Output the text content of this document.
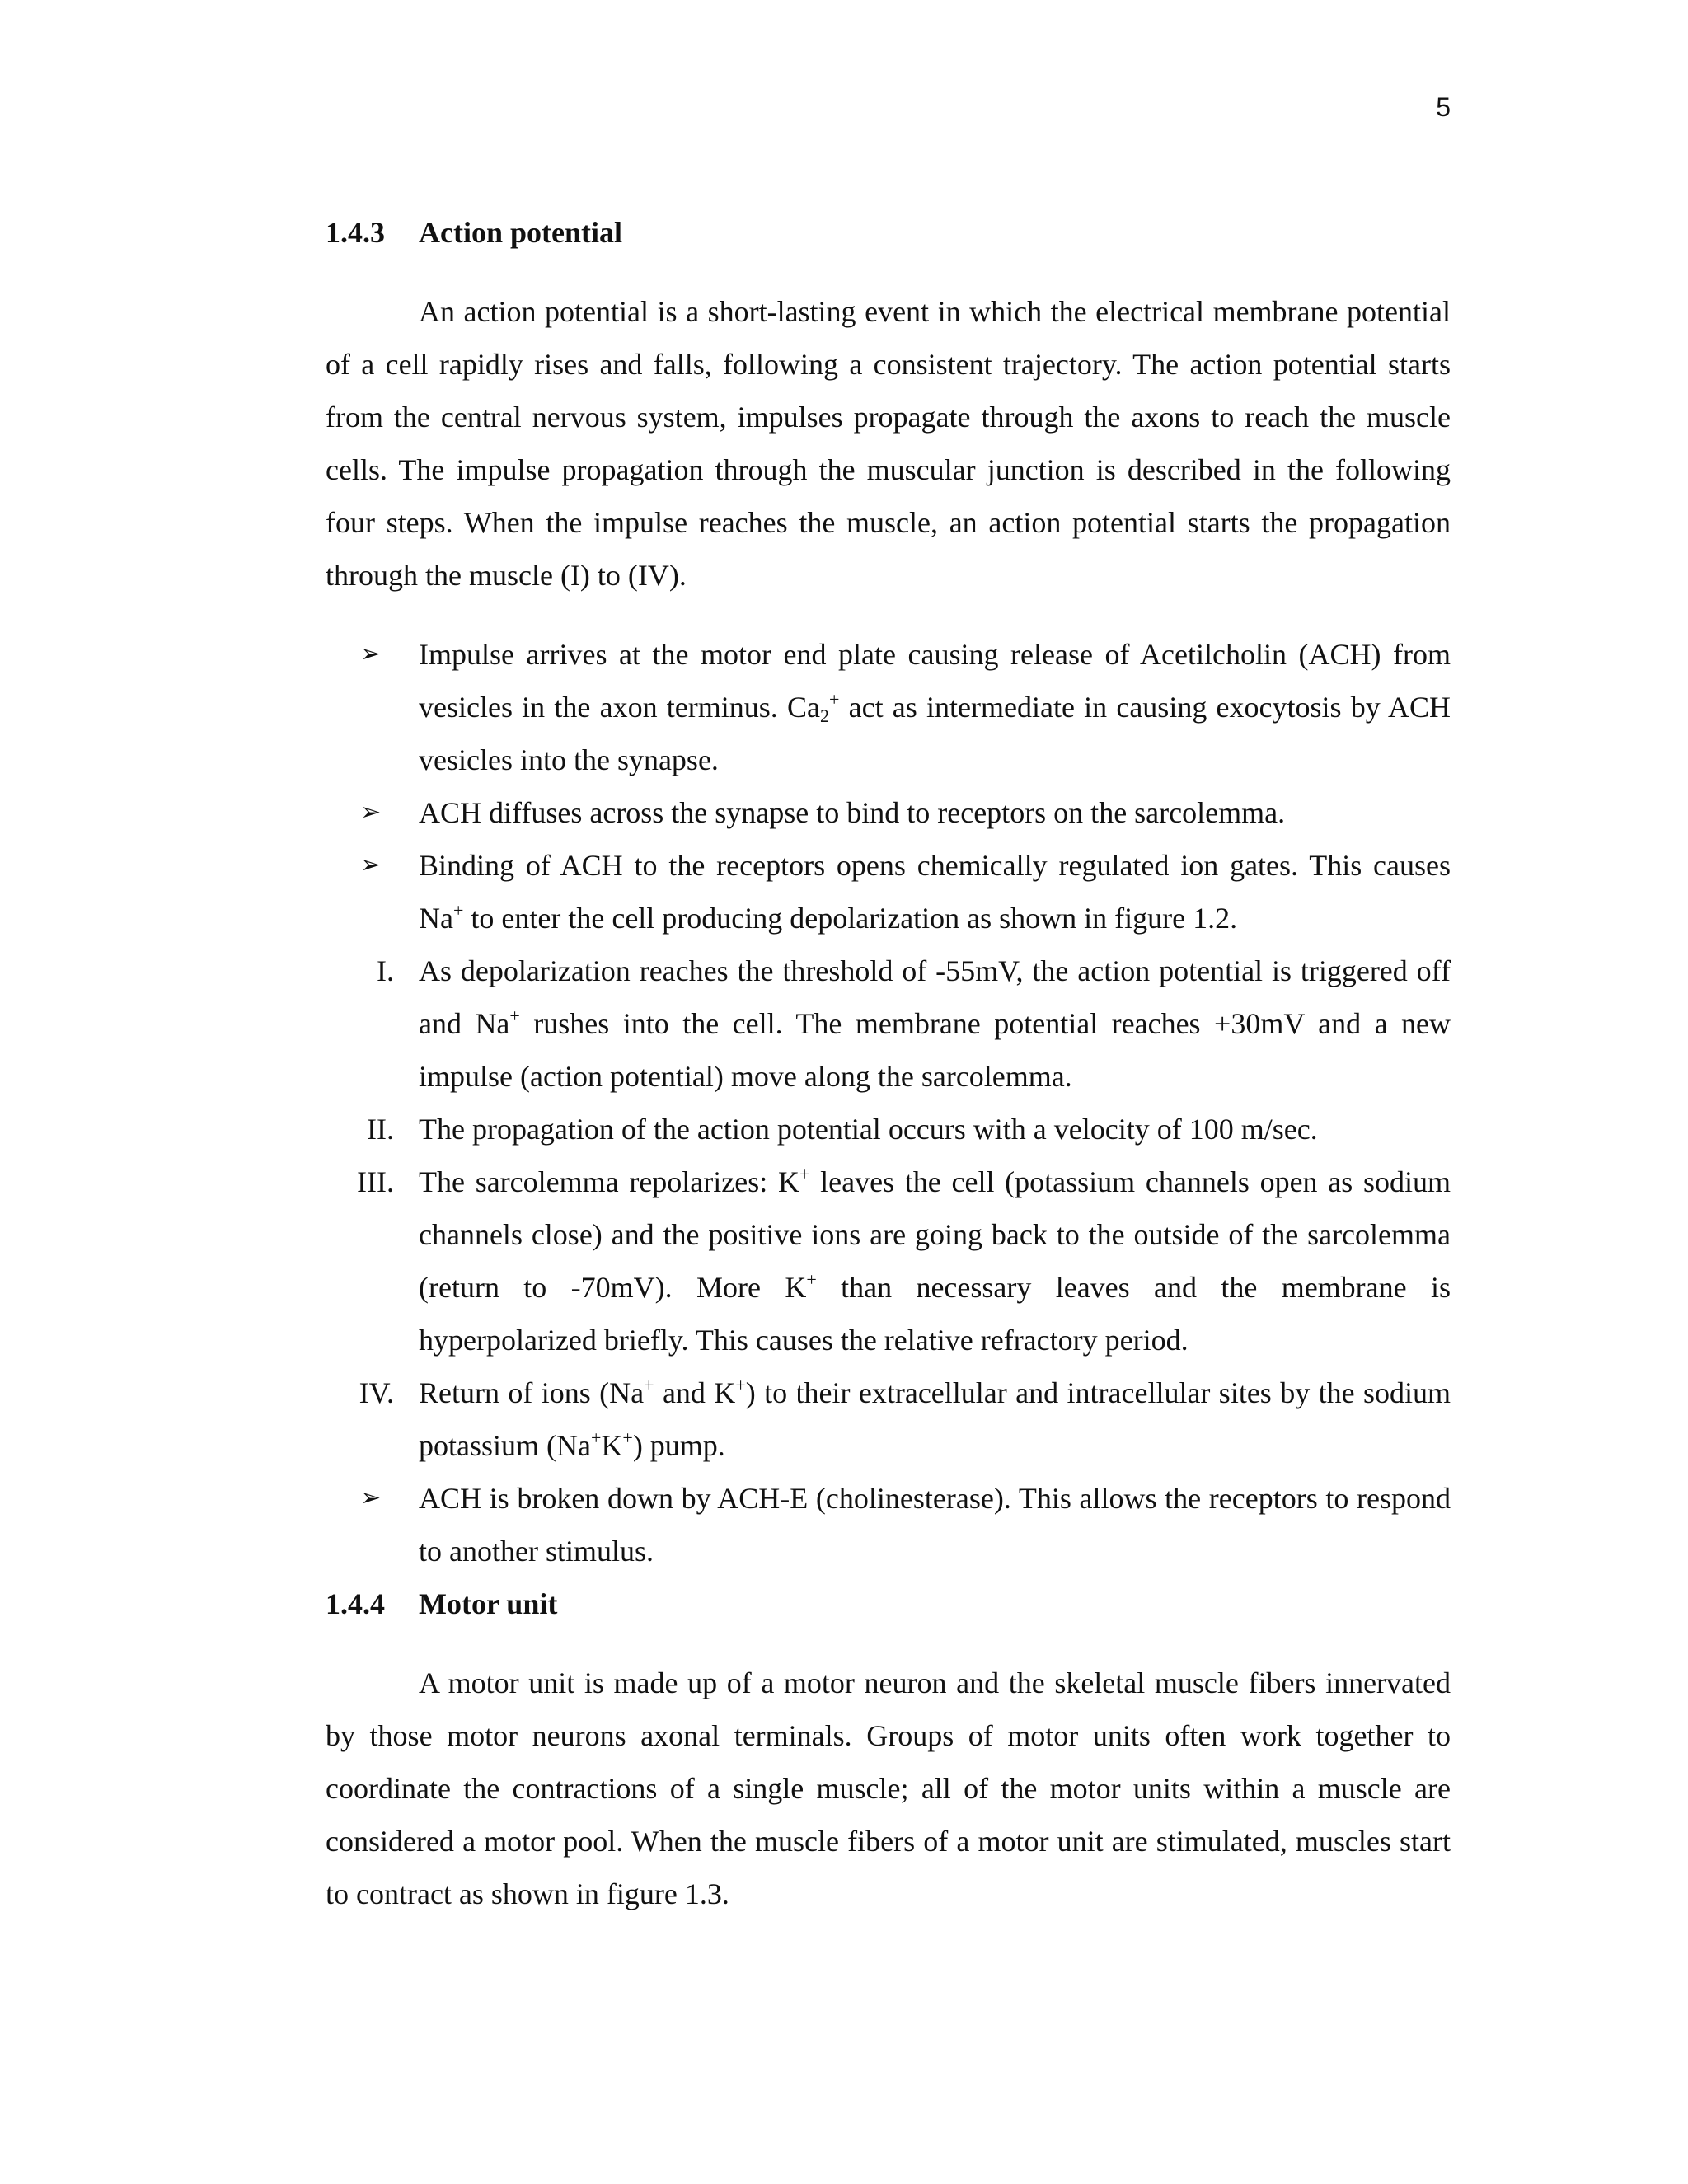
5
1.4.3	Action potential

An action potential is a short-lasting event in which the electrical membrane potential of a cell rapidly rises and falls, following a consistent trajectory. The action potential starts from the central nervous system, impulses propagate through the axons to reach the muscle cells. The impulse propagation through the muscular junction is described in the following four steps. When the impulse reaches the muscle, an action potential starts the propagation through the muscle (I) to (IV).

➢	Impulse arrives at the motor end plate causing release of Acetilcholin (ACH) from vesicles in the axon terminus. $Ca_2^+$ act as intermediate in causing exocytosis by ACH vesicles into the synapse.
➢	ACH diffuses across the synapse to bind to receptors on the sarcolemma.
➢	Binding of ACH to the receptors opens chemically regulated ion gates. This causes Na+ to enter the cell producing depolarization as shown in figure 1.2.
I. As depolarization reaches the threshold of -55mV, the action potential is triggered off and Na+ rushes into the cell. The membrane potential reaches +30mV and a new impulse (action potential) move along the sarcolemma.
II. The propagation of the action potential occurs with a velocity of 100 m/sec.
III. The sarcolemma repolarizes: K+ leaves the cell (potassium channels open as sodium channels close) and the positive ions are going back to the outside of the sarcolemma (return to -70mV). More K+ than necessary leaves and the membrane is hyperpolarized briefly. This causes the relative refractory period.
IV. Return of ions (Na+ and K+) to their extracellular and intracellular sites by the sodium potassium (Na+K+) pump.
➢	ACH is broken down by ACH-E (cholinesterase). This allows the receptors to respond to another stimulus.
1.4.4	Motor unit

A motor unit is made up of a motor neuron and the skeletal muscle fibers innervated by those motor neurons axonal terminals. Groups of motor units often work together to coordinate the contractions of a single muscle; all of the motor units within a muscle are considered a motor pool. When the muscle fibers of a motor unit are stimulated, muscles start to contract as shown in figure 1.3.
